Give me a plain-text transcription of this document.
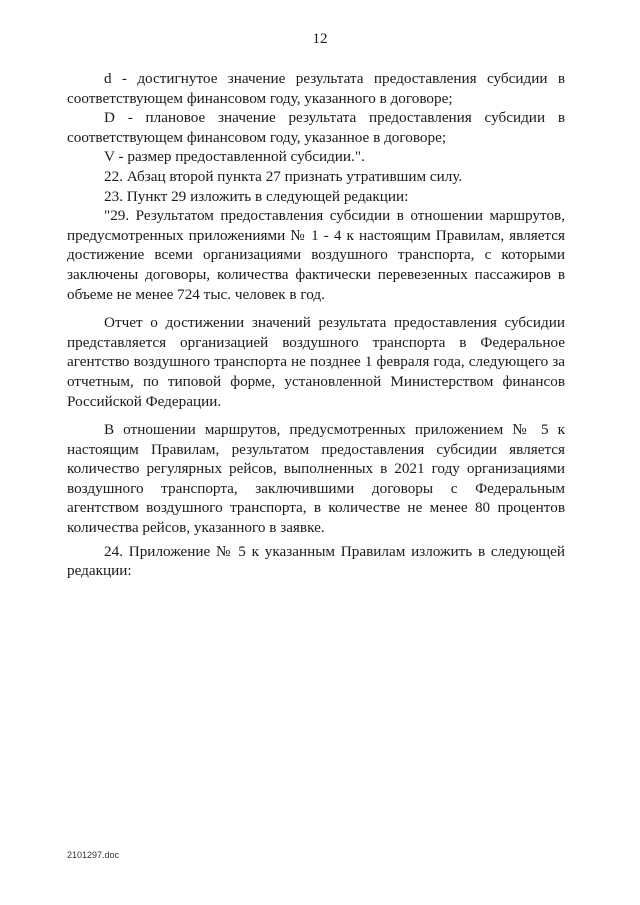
12

d - достигнутое значение результата предоставления субсидии в соответствующем финансовом году, указанного в договоре;

D - плановое значение результата предоставления субсидии в соответствующем финансовом году, указанное в договоре;

V - размер предоставленной субсидии.".

22. Абзац второй пункта 27 признать утратившим силу.

23. Пункт 29 изложить в следующей редакции:

"29. Результатом предоставления субсидии в отношении маршрутов, предусмотренных приложениями № 1 - 4 к настоящим Правилам, является достижение всеми организациями воздушного транспорта, с которыми заключены договоры, количества фактически перевезенных пассажиров в объеме не менее 724 тыс. человек в год.

Отчет о достижении значений результата предоставления субсидии представляется организацией воздушного транспорта в Федеральное агентство воздушного транспорта не позднее 1 февраля года, следующего за отчетным, по типовой форме, установленной Министерством финансов Российской Федерации.

В отношении маршрутов, предусмотренных приложением № 5 к настоящим Правилам, результатом предоставления субсидии является количество регулярных рейсов, выполненных в 2021 году организациями воздушного транспорта, заключившими договоры с Федеральным агентством воздушного транспорта, в количестве не менее 80 процентов количества рейсов, указанного в заявке.

24. Приложение № 5 к указанным Правилам изложить в следующей редакции:

2101297.doc
